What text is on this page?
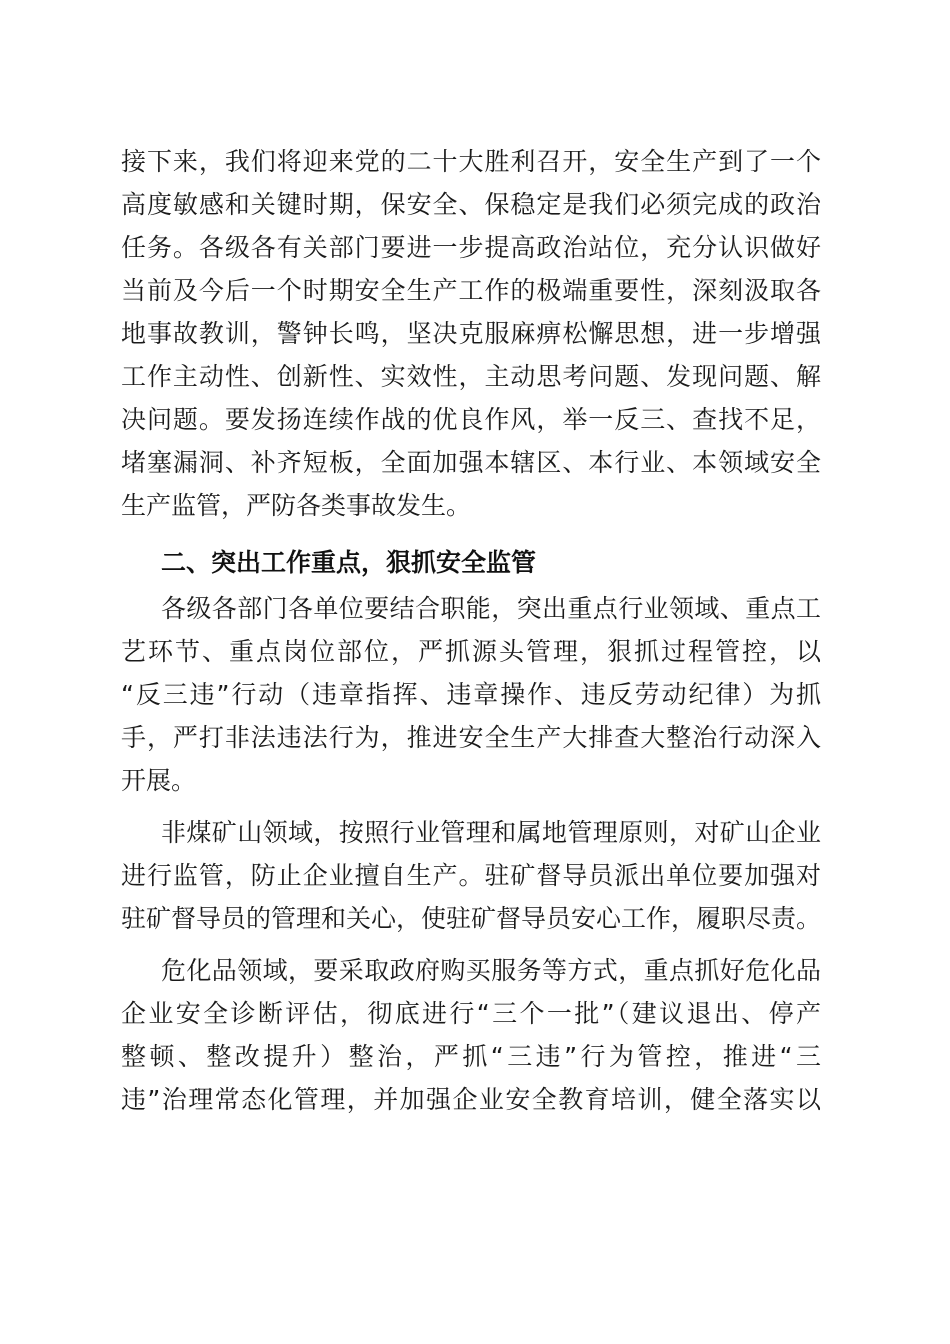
接下来，我们将迎来党的二十大胜利召开，安全生产到了一个
高度敏感和关键时期，保安全、保稳定是我们必须完成的政治
任务。各级各有关部门要进一步提高政治站位，充分认识做好
当前及今后一个时期安全生产工作的极端重要性，深刻汲取各
地事故教训，警钟长鸣，坚决克服麻痹松懈思想，进一步增强
工作主动性、创新性、实效性，主动思考问题、发现问题、解
决问题。要发扬连续作战的优良作风，举一反三、查找不足，
堵塞漏洞、补齐短板，全面加强本辖区、本行业、本领域安全
生产监管，严防各类事故发生。
二、突出工作重点，狠抓安全监管
各级各部门各单位要结合职能，突出重点行业领域、重点工
艺环节、重点岗位部位，严抓源头管理，狠抓过程管控，以
“反三违”行动（违章指挥、违章操作、违反劳动纪律）为抓
手，严打非法违法行为，推进安全生产大排查大整治行动深入
开展。
非煤矿山领域，按照行业管理和属地管理原则，对矿山企业
进行监管，防止企业擅自生产。驻矿督导员派出单位要加强对
驻矿督导员的管理和关心，使驻矿督导员安心工作，履职尽责。
危化品领域，要采取政府购买服务等方式，重点抓好危化品
企业安全诊断评估，彻底进行“三个一批”（建议退出、停产
整顿、整改提升）整治，严抓“三违”行为管控，推进“三
违”治理常态化管理，并加强企业安全教育培训，健全落实以
